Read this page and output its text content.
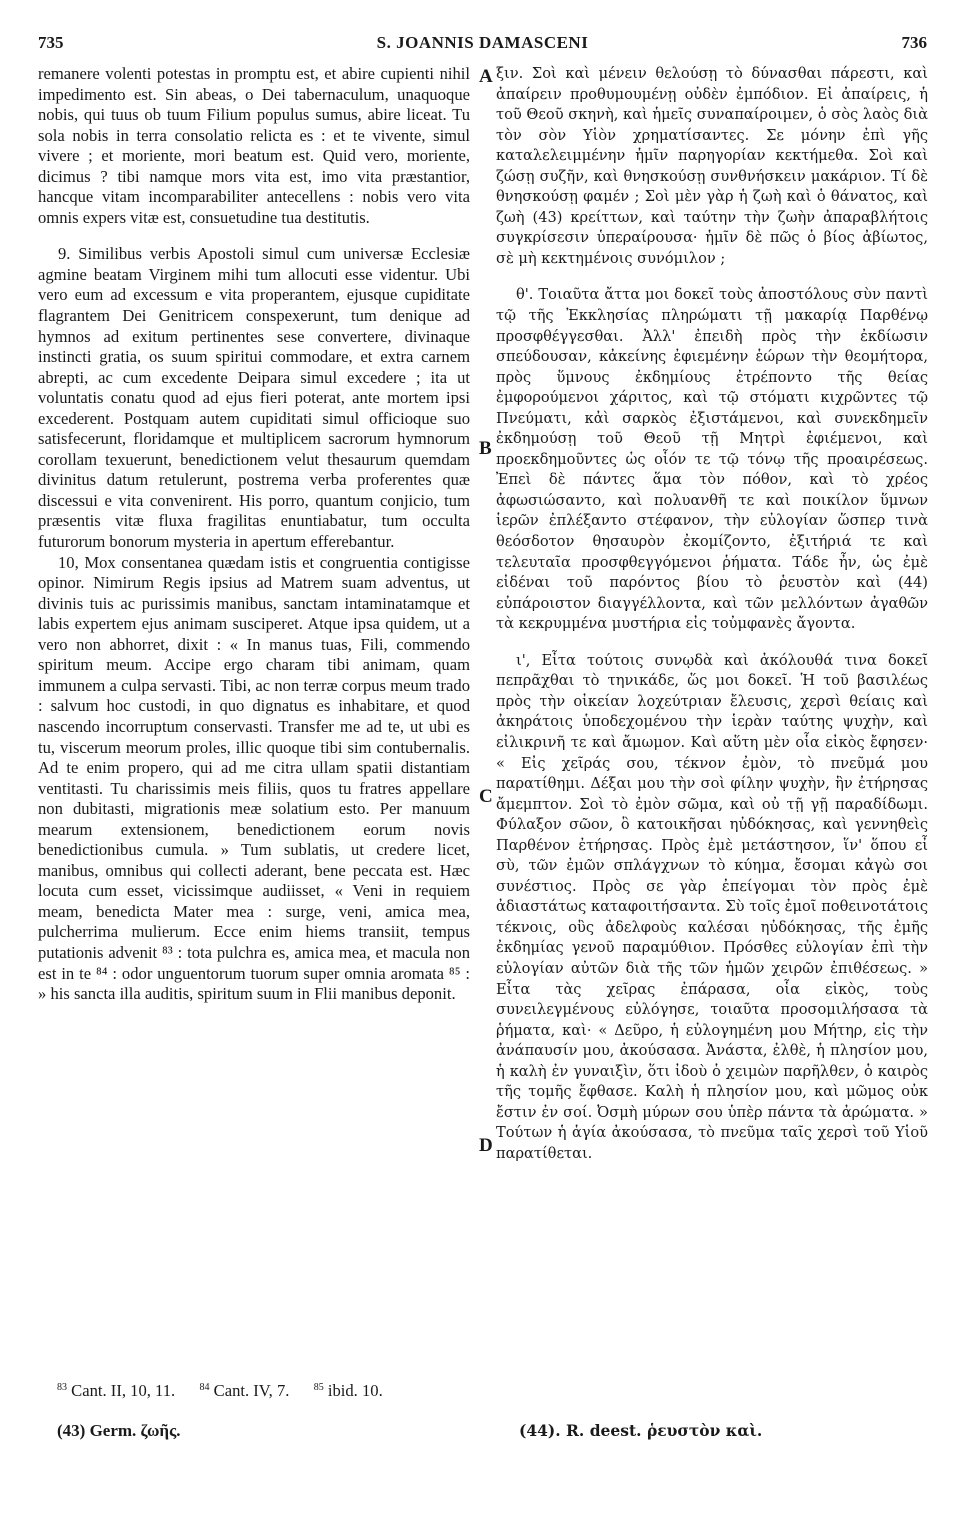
735	S. JOANNIS DAMASCENI	736
A
B
C
D

remanere volenti potestas in promptu est, et abire cupienti nihil impedimento est. Sin abeas, o Dei tabernaculum, unaquoque nobis, qui tuus ob tuum Filium populus sumus, abire liceat. Tu sola nobis in terra consolatio relicta es : et te vivente, simul vivere ; et moriente, mori beatum est. Quid vero, moriente, dicimus ? tibi namque mors vita est, imo vita præstantior, hancque vitam incomparabiliter antecellens : nobis vero vita omnis expers vitæ est, consuetudine tua destitutis.

9. Similibus verbis Apostoli simul cum universæ Ecclesiæ agmine beatam Virginem mihi tum allocuti esse videntur. Ubi vero eum ad excessum e vita properantem, ejusque cupiditate flagrantem Dei Genitricem conspexerunt, tum denique ad hymnos ad exitum pertinentes sese convertere, divinaque instincti gratia, os suum spiritui commodare, et extra carnem abrepti, ac cum excedente Deipara simul excedere ; ita ut voluntatis conatu quod ad ejus fieri poterat, ante mortem ipsi excederent. Postquam autem cupiditati simul officioque suo satisfecerunt, floridamque et multiplicem sacrorum hymnorum corollam texuerunt, benedictionem velut thesaurum quemdam divinitus datum retulerunt, postrema verba proferentes quæ discessui e vita convenirent. His porro, quantum conjicio, tum præsentis vitæ fluxa fragilitas enuntiabatur, tum occulta futurorum bonorum mysteria in apertum efferebantur.

10, Mox consentanea quædam istis et congruentia contigisse opinor. Nimirum Regis ipsius ad Matrem suam adventus, ut divinis tuis ac purissimis manibus, sanctam intaminatamque et labis expertem ejus animam susciperet. Atque ipsa quidem, ut a vero non abhorret, dixit : « In manus tuas, Fili, commendo spiritum meum. Accipe ergo charam tibi animam, quam immunem a culpa servasti. Tibi, ac non terræ corpus meum trado : salvum hoc custodi, in quo dignatus es inhabitare, et quod nascendo incorruptum conservasti. Transfer me ad te, ut ubi es tu, viscerum meorum proles, illic quoque tibi sim contubernalis. Ad te enim propero, qui ad me citra ullam spatii distantiam ventitasti. Tu charissimis meis filiis, quos tu fratres appellare non dubitasti, migrationis meæ solatium esto. Per manuum mearum extensionem, benedictionem eorum novis benedictionibus cumula. » Tum sublatis, ut credere licet, manibus, omnibus qui collecti aderant, bene peccata est. Hæc locuta cum esset, vicissimque audiisset, « Veni in requiem meam, benedicta Mater mea : surge, veni, amica mea, pulcherrima mulierum. Ecce enim hiems transiit, tempus putationis advenit ⁸³ : tota pulchra es, amica mea, et macula non est in te ⁸⁴ : odor unguentorum tuorum super omnia aromata ⁸⁵ : » his sancta illa auditis, spiritum suum in Flii manibus deponit.

ξιν. Σοὶ καὶ μένειν θελούσῃ τὸ δύνασθαι πάρεστι, καὶ ἀπαίρειν προθυμουμένῃ οὐδὲν ἐμπόδιον. Εἰ ἀπαίρεις, ἡ τοῦ Θεοῦ σκηνὴ, καὶ ἡμεῖς συναπαίροιμεν, ὁ σὸς λαὸς διὰ τὸν σὸν Υἱὸν χρηματίσαντες. Σε μόνην ἐπὶ γῆς καταλελειμμένην ἡμῖν παρηγορίαν κεκτήμεθα. Σοὶ καὶ ζώσῃ συζῆν, καὶ θνησκούσῃ συνθνήσκειν μακάριον. Τί δὲ θνησκούσῃ φαμέν ; Σοὶ μὲν γὰρ ἡ ζωὴ καὶ ὁ θάνατος, καὶ ζωὴ (43) κρείττων, καὶ ταύτην τὴν ζωὴν ἀπαραβλήτοις συγκρίσεσιν ὑπεραίρουσα· ἡμῖν δὲ πῶς ὁ βίος ἀβίωτος, σὲ μὴ κεκτημένοις συνόμιλον ;

θ'. Τοιαῦτα ἄττα μοι δοκεῖ τοὺς ἀποστόλους σὺν παντὶ τῷ τῆς Ἐκκλησίας πληρώματι τῇ μακαρίᾳ Παρθένῳ προσφθέγγεσθαι. Ἀλλ' ἐπειδὴ πρὸς τὴν ἐκδίωσιν σπεύδουσαν, κἀκείνης ἐφιεμένην ἑώρων τὴν θεομήτορα, πρὸς ὕμνους ἐκδημίους ἐτρέποντο τῆς θείας ἐμφορούμενοι χάριτος, καὶ τῷ στόματι κιχρῶντες τῷ Πνεύματι, κἀὶ σαρκὸς ἐξιστάμενοι, καὶ συνεκδημεῖν ἐκδημούσῃ τοῦ Θεοῦ τῇ Μητρὶ ἐφιέμενοι, καὶ προεκδημοῦντες ὡς οἷόν τε τῷ τόνῳ τῆς προαιρέσεως. Ἐπεὶ δὲ πάντες ἅμα τὸν πόθον, καὶ τὸ χρέος ἀφωσιώσαντο, καὶ πολυανθῆ τε καὶ ποικίλον ὕμνων ἱερῶν ἐπλέξαντο στέφανον, τὴν εὐλογίαν ὥσπερ τινὰ θεόσδοτον θησαυρὸν ἐκομίζοντο, ἐξιτήριά τε καὶ τελευταῖα προσφθεγγόμενοι ῥήματα. Τάδε ἦν, ὡς ἐμὲ εἰδέναι τοῦ παρόντος βίου τὸ ῥευστὸν καὶ (44) εὐπάροιστον διαγγέλλοντα, καὶ τῶν μελλόντων ἀγαθῶν τὰ κεκρυμμένα μυστήρια εἰς τοὐμφανὲς ἄγοντα.

ι', Εἶτα τούτοις συνῳδὰ καὶ ἀκόλουθά τινα δοκεῖ πεπρᾶχθαι τὸ τηνικάδε, ὥς μοι δοκεῖ. Ἡ τοῦ βασιλέως πρὸς τὴν οἰκείαν λοχεύτριαν ἔλευσις, χερσὶ θείαις καὶ ἀκηράτοις ὑποδεχομένου τὴν ἱερὰν ταύτης ψυχὴν, καὶ εἰλικρινῆ τε καὶ ἄμωμον. Καὶ αὕτη μὲν οἷα εἰκὸς ἔφησεν· « Εἰς χεῖράς σου, τέκνον ἐμὸν, τὸ πνεῦμά μου παρατίθημι. Δέξαι μου τὴν σοὶ φίλην ψυχὴν, ἣν ἐτήρησας ἄμεμπτον. Σοὶ τὸ ἐμὸν σῶμα, καὶ οὐ τῇ γῇ παραδίδωμι. Φύλαξον σῶον, ὃ κατοικῆσαι ηὐδόκησας, καὶ γεννηθεὶς Παρθένον ἐτήρησας. Πρὸς ἐμὲ μετάστησον, ἵν' ὅπου εἶ σὺ, τῶν ἐμῶν σπλάγχνων τὸ κύημα, ἔσομαι κἀγὼ σοι συνέστιος. Πρὸς σε γὰρ ἐπείγομαι τὸν πρὸς ἐμὲ ἀδιαστάτως καταφοιτήσαντα. Σὺ τοῖς ἐμοῖ ποθεινοτάτοις τέκνοις, οὓς ἀδελφοὺς καλέσαι ηὐδόκησας, τῆς ἐμῆς ἐκδημίας γενοῦ παραμύθιον. Πρόσθες εὐλογίαν ἐπὶ τὴν εὐλογίαν αὐτῶν διὰ τῆς τῶν ἡμῶν χειρῶν ἐπιθέσεως. » Εἶτα τὰς χεῖρας ἐπάρασα, οἷα εἰκὸς, τοὺς συνειλεγμένους εὐλόγησε, τοιαῦτα προσομιλήσασα τὰ ῥήματα, καὶ· « Δεῦρο, ἡ εὐλογημένη μου Μήτηρ, εἰς τὴν ἀνάπαυσίν μου, ἀκούσασα. Ἀνάστα, ἐλθὲ, ἡ πλησίον μου, ἡ καλὴ ἐν γυναιξὶν, ὅτι ἰδοὺ ὁ χειμὼν παρῆλθεν, ὁ καιρὸς τῆς τομῆς ἔφθασε. Καλὴ ἡ πλησίον μου, καὶ μῶμος οὐκ ἔστιν ἐν σοί. Ὀσμὴ μύρων σου ὑπὲρ πάντα τὰ ἀρώματα. » Τούτων ἡ ἁγία ἀκούσασα, τὸ πνεῦμα ταῖς χερσὶ τοῦ Υἱοῦ παρατίθεται.

$^{83}$ Cant. II, 10, 11. $^{84}$ Cant. IV, 7. $^{85}$ ibid. 10.
(43) Germ. ζωῆς.	(44). R. deest. ῥευστὸν καὶ.
